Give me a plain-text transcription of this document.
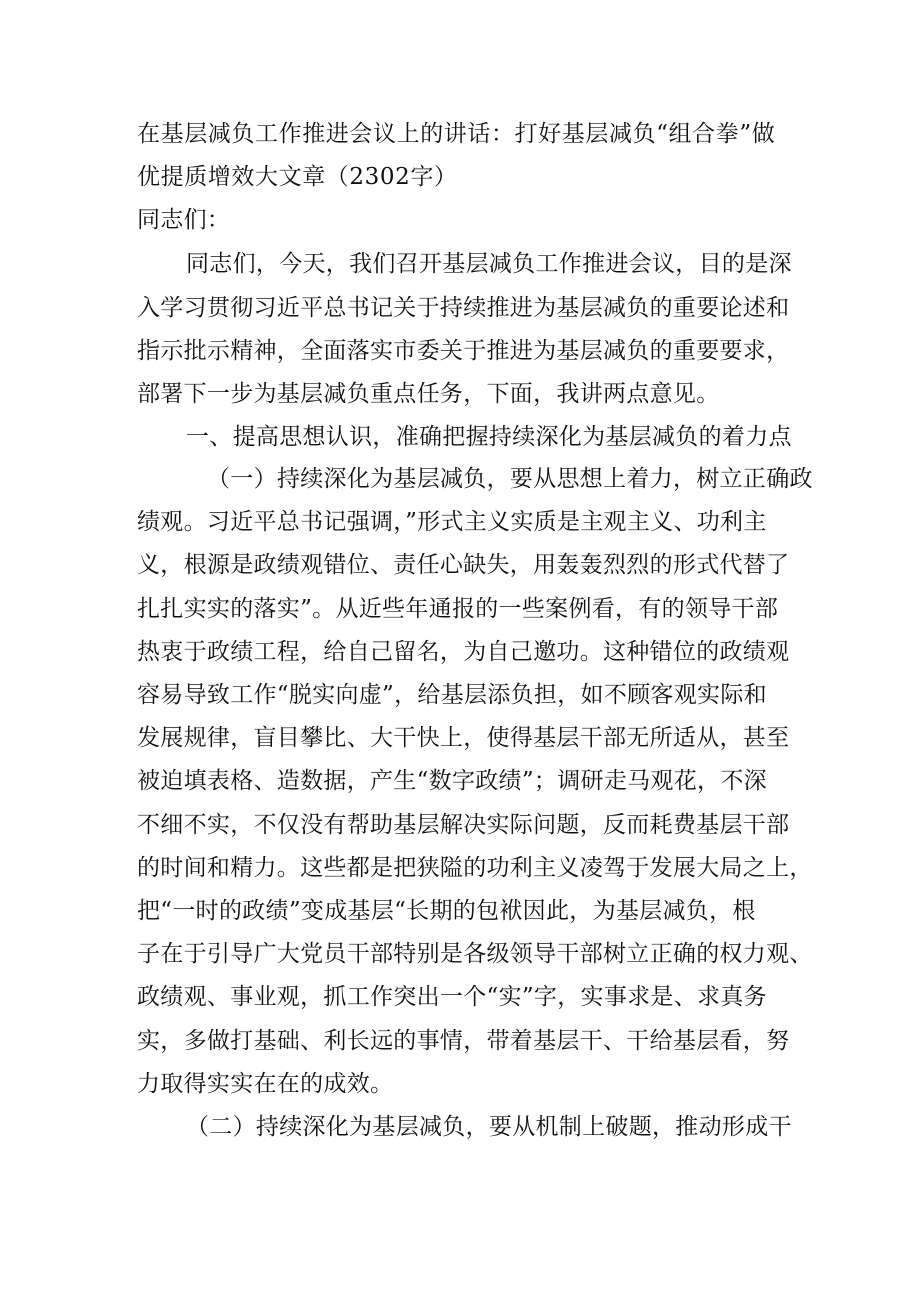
在基层减负工作推进会议上的讲话：打好基层减负“组合拳”做
优提质增效大文章（2302字）
同志们：
同志们，今天，我们召开基层减负工作推进会议，目的是深
入学习贯彻习近平总书记关于持续推进为基层减负的重要论述和
指示批示精神，全面落实市委关于推进为基层减负的重要要求，
部署下一步为基层减负重点任务，下面，我讲两点意见。
一、提高思想认识，准确把握持续深化为基层减负的着力点
（一）持续深化为基层减负，要从思想上着力，树立正确政
绩观。习近平总书记强调，”形式主义实质是主观主义、功利主
义，根源是政绩观错位、责任心缺失，用轰轰烈烈的形式代替了
扎扎实实的落实”。从近些年通报的一些案例看，有的领导干部
热衷于政绩工程，给自己留名，为自己邀功。这种错位的政绩观
容易导致工作“脱实向虚”，给基层添负担，如不顾客观实际和
发展规律，盲目攀比、大干快上，使得基层干部无所适从，甚至
被迫填表格、造数据，产生“数字政绩”；调研走马观花，不深
不细不实，不仅没有帮助基层解决实际问题，反而耗费基层干部
的时间和精力。这些都是把狭隘的功利主义凌驾于发展大局之上，
把“一时的政绩”变成基层“长期的包袱因此，为基层减负，根
子在于引导广大党员干部特别是各级领导干部树立正确的权力观、
政绩观、事业观，抓工作突出一个“实”字，实事求是、求真务
实，多做打基础、利长远的事情，带着基层干、干给基层看，努
力取得实实在在的成效。
（二）持续深化为基层减负，要从机制上破题，推动形成干
